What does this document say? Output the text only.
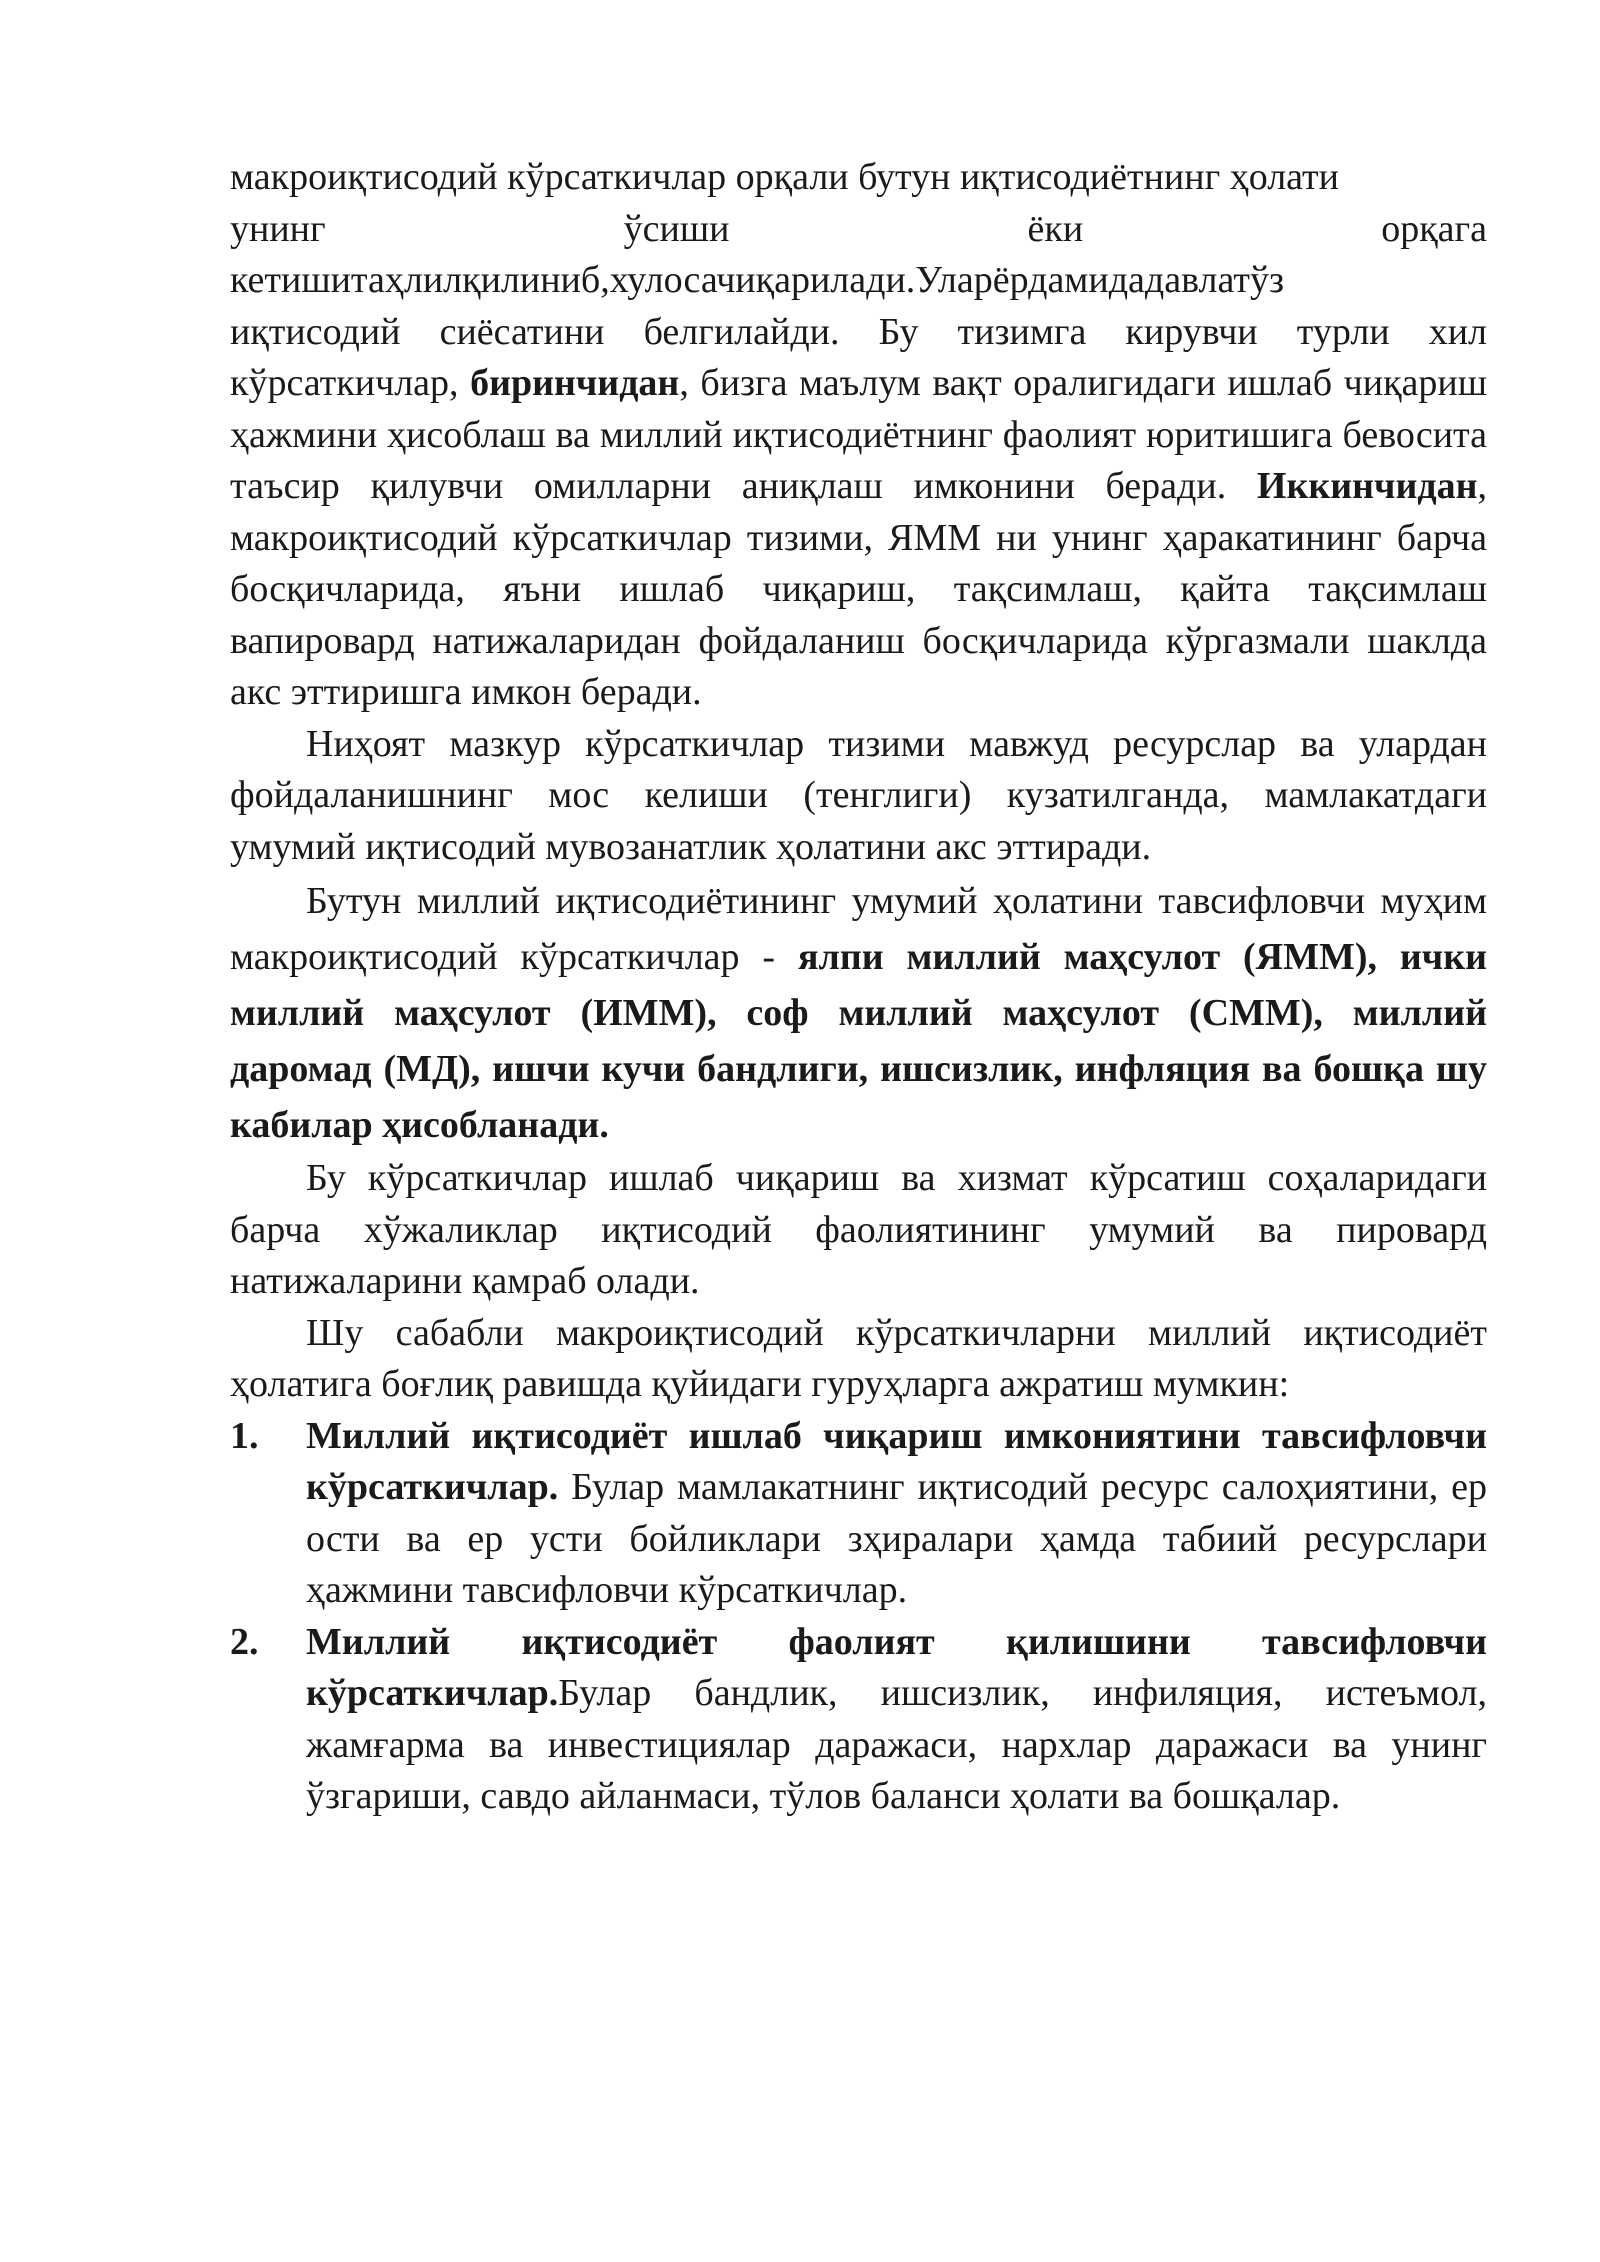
макроиқтисодий кўрсаткичлар орқали бутун иқтисодиётнинг ҳолати

унинг ўсиши ёки орқага
кетишитаҳлилқилиниб,хулосачиқарилади.Уларёрдамидадавлатўз
иқтисодий сиёсатини белгилайди. Бу тизимга кирувчи турли хил кўрсаткичлар, биринчидан, бизга маълум вақт оралигидаги ишлаб чиқариш ҳажмини ҳисоблаш ва миллий иқтисодиётнинг фаолият юритишига бевосита таъсир қилувчи омилларни аниқлаш имконини беради. Иккинчидан, макроиқтисодий кўрсаткичлар тизими, ЯММ ни унинг ҳаракатининг барча босқичларида, яъни ишлаб чиқариш, тақсимлаш, қайта тақсимлаш вапировард натижаларидан фойдаланиш босқичларида кўргазмали шаклда акс эттиришга имкон беради.

Ниҳоят мазкур кўрсаткичлар тизими мавжуд ресурслар ва улардан фойдаланишнинг мос келиши (тенглиги) кузатилганда, мамлакатдаги умумий иқтисодий мувозанатлик ҳолатини акс эттиради.

Бутун миллий иқтисодиётининг умумий ҳолатини тавсифловчи муҳим макроиқтисодий кўрсаткичлар - ялпи миллий маҳсулот (ЯММ), ички миллий маҳсулот (ИММ), соф миллий маҳсулот (СММ), миллий даромад (МД), ишчи кучи бандлиги, ишсизлик, инфляция ва бошқа шу кабилар ҳисобланади.

Бу кўрсаткичлар ишлаб чиқариш ва хизмат кўрсатиш соҳаларидаги барча хўжаликлар иқтисодий фаолиятининг умумий ва пировард натижаларини қамраб олади.

Шу сабабли макроиқтисодий кўрсаткичларни миллий иқтисодиёт ҳолатига боғлиқ равишда қуйидаги гуруҳларга ажратиш мумкин:

1. Миллий иқтисодиёт ишлаб чиқариш имкониятини тавсифловчи кўрсаткичлар. Булар мамлакатнинг иқтисодий ресурс салоҳиятини, ер ости ва ер усти бойликлари зҳиралари ҳамда табиий ресурслари ҳажмини тавсифловчи кўрсаткичлар.
2. Миллий иқтисодиёт фаолият қилишини тавсифловчи кўрсаткичлар.Булар бандлик, ишсизлик, инфиляция, истеъмол, жамғарма ва инвестициялар даражаси, нархлар даражаси ва унинг ўзгариши, савдо айланмаси, тўлов баланси ҳолати ва бошқалар.
